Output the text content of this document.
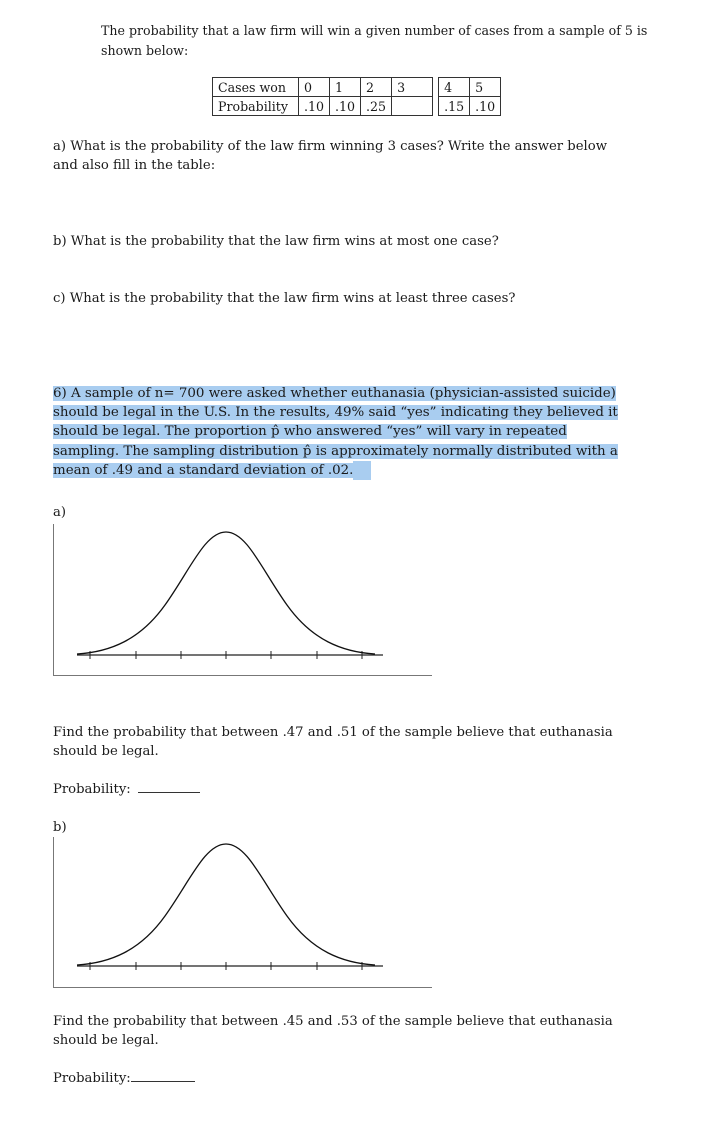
The probability that a law firm will win a given number of cases from a sample of 5 is
shown below:
Cases won	0	1	2	3		4	5
Probability	.10	.10	.25			.15	.10
a) What is the probability of the law firm winning 3 cases? Write the answer below
and also fill in the table:
b) What is the probability that the law firm wins at most one case?
c) What is the probability that the law firm wins at least three cases?
6) A sample of n= 700 were asked whether euthanasia (physician-assisted suicide)
should be legal in the U.S. In the results, 49% said “yes” indicating they believed it
should be legal. The proportion p̂ who answered “yes” will vary in repeated
sampling. The sampling distribution p̂ is approximately normally distributed with a
mean of .49 and a standard deviation of .02.
a)
Find the probability that between .47 and .51 of the sample believe that euthanasia
should be legal.
Probability:
b)
Find the probability that between .45 and .53 of the sample believe that euthanasia
should be legal.
Probability:
